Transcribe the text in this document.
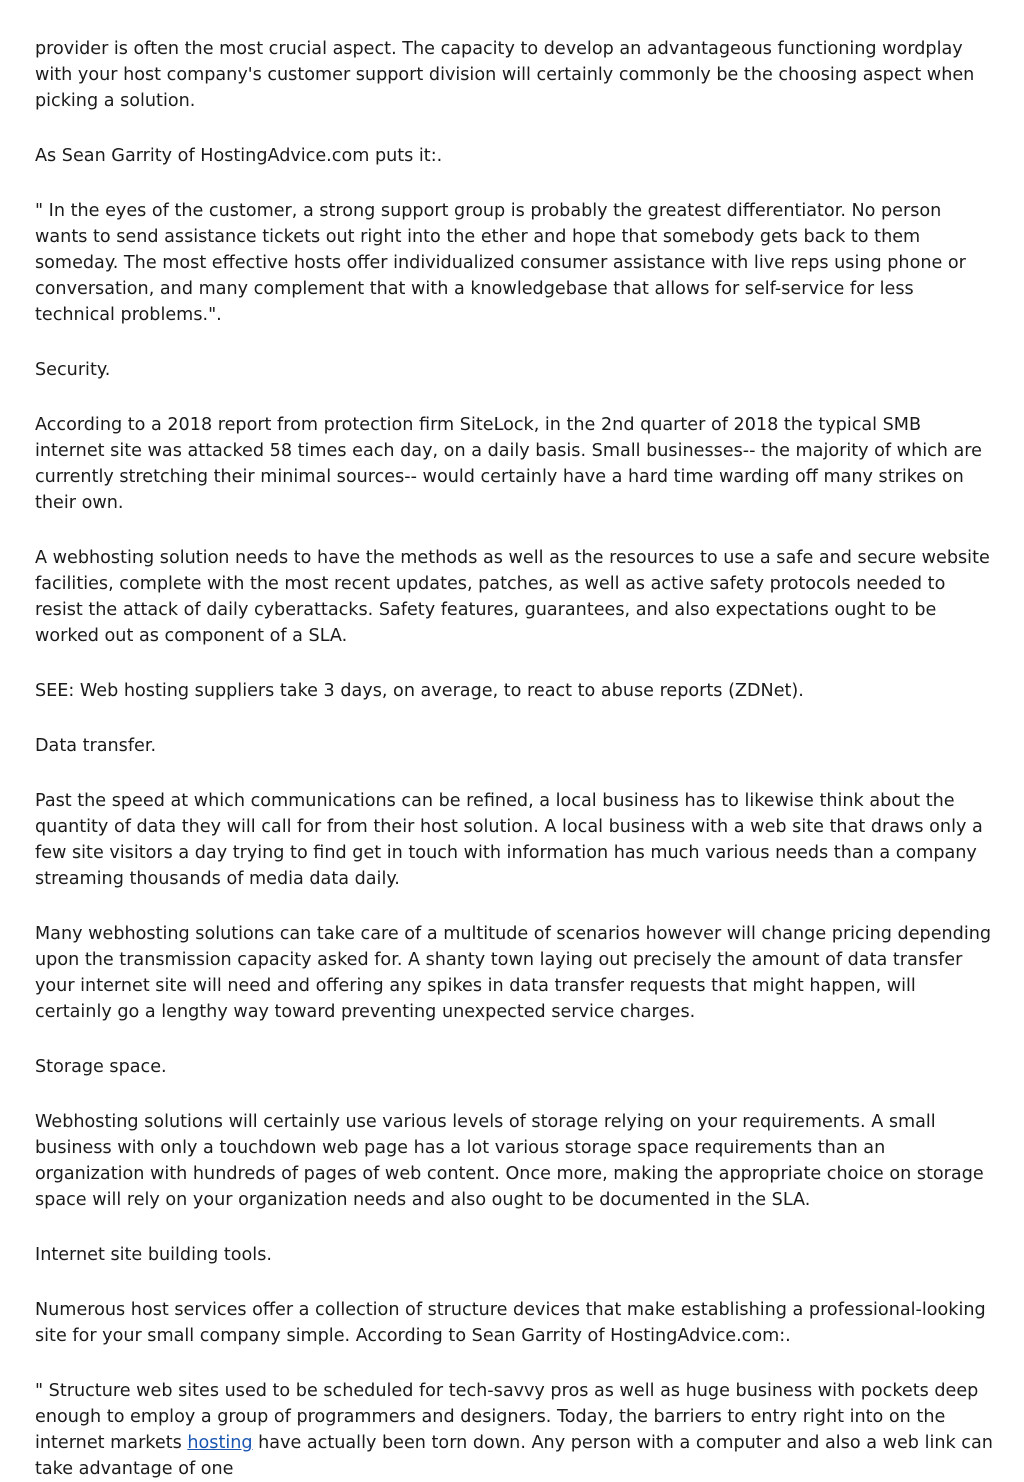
provider is often the most crucial aspect. The capacity to develop an advantageous functioning wordplay with your host company's customer support division will certainly commonly be the choosing aspect when picking a solution.

As Sean Garrity of HostingAdvice.com puts it:.

" In the eyes of the customer, a strong support group is probably the greatest differentiator. No person wants to send assistance tickets out right into the ether and hope that somebody gets back to them someday. The most effective hosts offer individualized consumer assistance with live reps using phone or conversation, and many complement that with a knowledgebase that allows for self-service for less technical problems.".

Security.

According to a 2018 report from protection firm SiteLock, in the 2nd quarter of 2018 the typical SMB internet site was attacked 58 times each day, on a daily basis. Small businesses-- the majority of which are currently stretching their minimal sources-- would certainly have a hard time warding off many strikes on their own.

A webhosting solution needs to have the methods as well as the resources to use a safe and secure website facilities, complete with the most recent updates, patches, as well as active safety protocols needed to resist the attack of daily cyberattacks. Safety features, guarantees, and also expectations ought to be worked out as component of a SLA.

SEE: Web hosting suppliers take 3 days, on average, to react to abuse reports (ZDNet).

Data transfer.

Past the speed at which communications can be refined, a local business has to likewise think about the quantity of data they will call for from their host solution. A local business with a web site that draws only a few site visitors a day trying to find get in touch with information has much various needs than a company streaming thousands of media data daily.

Many webhosting solutions can take care of a multitude of scenarios however will change pricing depending upon the transmission capacity asked for. A shanty town laying out precisely the amount of data transfer your internet site will need and offering any spikes in data transfer requests that might happen, will certainly go a lengthy way toward preventing unexpected service charges.

Storage space.

Webhosting solutions will certainly use various levels of storage relying on your requirements. A small business with only a touchdown web page has a lot various storage space requirements than an organization with hundreds of pages of web content. Once more, making the appropriate choice on storage space will rely on your organization needs and also ought to be documented in the SLA.

Internet site building tools.

Numerous host services offer a collection of structure devices that make establishing a professional-looking site for your small company simple. According to Sean Garrity of HostingAdvice.com:.

" Structure web sites used to be scheduled for tech-savvy pros as well as huge business with pockets deep enough to employ a group of programmers and designers. Today, the barriers to entry right into on the internet markets hosting have actually been torn down. Any person with a computer and also a web link can take advantage of one
